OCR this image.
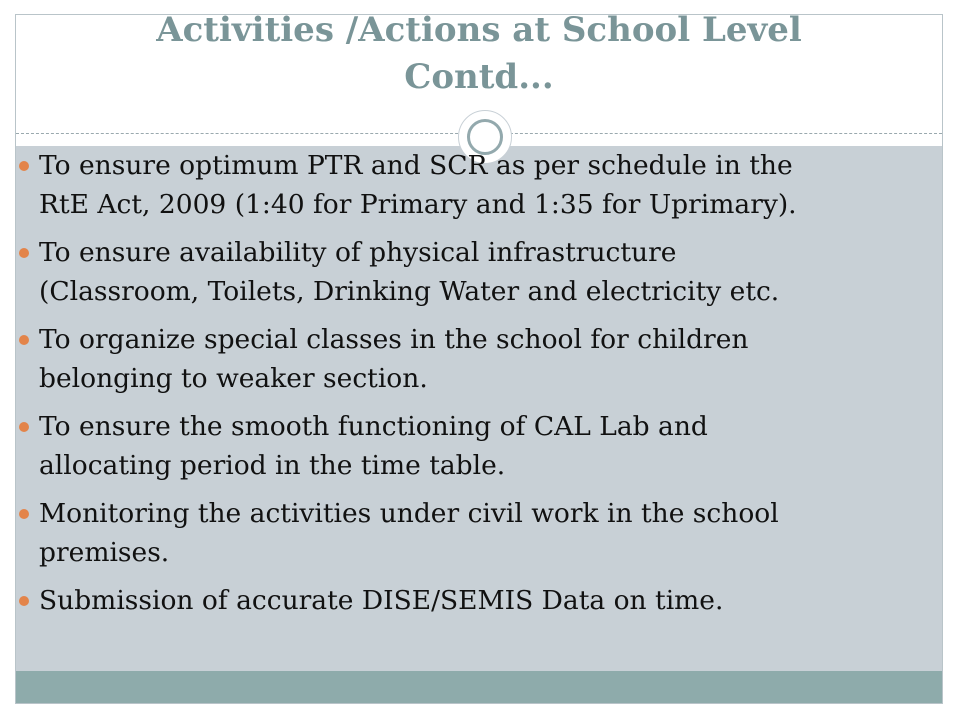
Activities /Actions at School Level
Contd...
To ensure optimum PTR and SCR as per schedule in the
RtE Act, 2009 (1:40 for Primary and 1:35 for Uprimary).
To ensure availability of physical infrastructure
(Classroom, Toilets, Drinking Water and electricity etc.
To organize special classes in the school for children
belonging to weaker section.
To ensure the smooth functioning of CAL Lab and
allocating period in the time table.
Monitoring the activities under civil work in the school
premises.
Submission of accurate DISE/SEMIS Data on time.
